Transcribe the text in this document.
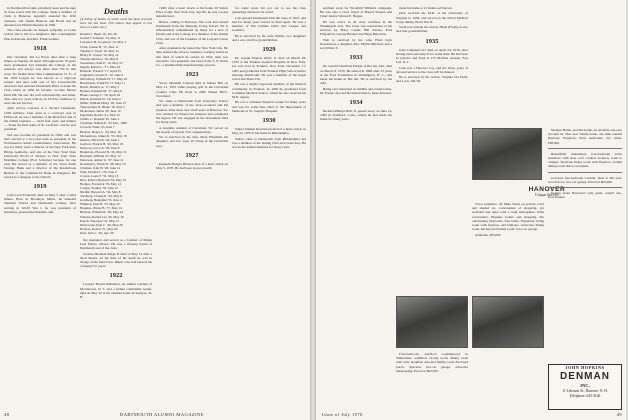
in Dartmouth became extremely keen and he kept in close touch with the College, made a number of visits to Hanover, regularly attended the 1916 reunions, and visited Hanover and Booth and he attended our Fiftieth Reunion in 1966.

The Class extends its deepest sympathy to Louie widow and to his two daughters, Mrs. Cunningham Pine in Altoona, and Mrs. Frank Leather.

1918

Our classmate Ted La Force died after a long illness on Sunday, 26 April. Throughout the 70 years since graduation Ted attended the College on the reunions and always was more than 750 in that town. No further more than Commissioner, N. Y., of the 1918 League he was known as a vigorous worker and later with one of his Loewensville educators had returned Dartmouth Plaza to make the Club which in 1936 he became. Lovette Shores Pearl Phi. He also did well scholastically, and when, after only two years with us, in 1916 he withdrew to enter the Air Service.

After service overseas as a Second Lieutenant, 1918 Artillery, Chet went to a cowboy's seat in Elmwood, he was a member of the Beresford and of the family business — retail fuel, feed, and lumber — Stoke the firm name of R. Leoff-Inc. and he was president.

Ted also became its president in 1929, and was later elected to a two-year term as president of the Northeastern Retail Lumbermen's Association. He was for many years a director of the New York State Bridge Authority, and also of the New York State University Board of Visitors to New York State Maritime College (Fort Schuyler) because for one year. He served as a member of the Town Pallis Savings Bank and a director of the Kinderhook Branch of the Commercial Bank in Kingston. He served as a delegate to the Church.

1919

John Cecil Frederick died on May 5 after a brief illness. Born in Brooklyn, Minn., he attended Shattuck School and Dartmouth College, after serving in World War I, he was president of insurance, general merchandise, and

Deaths
[A listing of deaths of which word has been received since the last issue. Full notices may appear in this issue or a later one.]
Donald L. Bush '16, Jan. 26
Gerald J. Tohenyo '14, May 11
Lawrence H. Goodnow '14, May 4
Clark, Joshua H. '15, June 11
Thomas C. Ryan '16, May 12
Henry E. Clopes '16, May 14
Thomas Merrrow '16, May 8
Sassamnon, Paul E. '16, May 23
Ingalls, Robert C. '17, May 16
Baldwin, Frank P. '17, April 25
Campbell, Charles E. '16, June 4
McGilvray, William H. '17, May 19
Hutchinson, Frank H. '17, May 11
Harris, Bradley A. '17, May 5
Hyman, Kenneth M. '17, May 6
Blake, George C. '20, April 16
Marsh, Kenneth W. '18, June 4
Miller, William Henry '20, June 15
Viskowidzki, R. Blake '18, June 5
Dickerman, Julius '20, June 10
Ingraham, Robert '21, May 22
Childs, C. Randall '22, June 2
Christian, Nathan E. '22, Dec. 1969
Crowell, Wade '23, June 7
Hudson, Henry C. '24, May 16
McAndrews, James D. '25, May 18
Dunton, Harold R. '26, June 1
Gaylord, Francis H. '26, May 18
DeGroot, Joyce A. '26, June 8
Hendricks, Howard N. '26, May 10
Bucknell, William '27, May 12
Patterson, Arthur Sr. '27, June 12
Rosenberry, Walter E. '28, May 10
Christen, John W. '28, June 14
Wolf, Donald C. '29, June 2
Cowan, Louis F. '31, May 13
Rice, Robert Maynard '32, May 19
Hodges, Frederick '33, May 14
Coburn, Stanley '33, June 12
Moffitt, Howard A. '34, May 8
Sandberg, Claude E. '34, May 8
Goldberg, Benjamin '35, June 4
Fishman, Paul H. '35, May 20
Hopkins, Walter B. '37, May 14
Hudson, William R. '38, May 24
Webster, Robert Lee '40, May 16
Rauch, Theodore '41, May 15
Dubrowski, Paul C. '49, May 26
Hodson, Robert '51, May 28
Neil, John C. '65, Apr. 29

fire insurance and served as a founder of Maple Leaf Farms, Ottawa. He was a lifelong friend of Dartmouth and of the class.

Charles Marshall Rurge II died on May 14 after a short illness. At the time of his death he was in charge of the field force. Ralph, who had been in his company for years.

1922

Leonard Harold Rhinehart, an alumni resident of Morristown, N. J., and a former community leader, died on May 22 at his summer home in Sunapee, N. H.

1948, after a heart attack at his home 20 Sutton Place South, New York City. Age 80, he was a noted manufacturer.

Before coming to Hanover, Van took and earned Dartmouth from the Berkeley Irving School. He is affectionately remembered by many for a host of friends and at the College as a member of the Outing Club, and one of the founders of the Ledyard Canoe Club.

After graduation he joined the New York Life. He then entered the tobacco business, working with it in this field of which he retired in 1952, then was executive vice-president and head of the S. E. Rains Co., a handkerchief manufacturing concern.

1923

Victor Marshall Cantoni died at Sunset Hill on May 21, 1970 while playing golf at the Cleveland Country Club. He lived at 2900 Shaker Blvd., Cleveland.

Vic came to Dartmouth from University School and was a member of the Jack-o-Lantern and Psi Upsilon. After three and a half years at Hanover, Vic was stricken by illness but returned and completed his degree. He was engaged in the investment field for many years.

A longtime resident of Cleveland, Vic served on the boards of several civic organizations.

Vic is survived by his wife, Mary Elizabeth, his daughter, and two sons, all living in the Cleveland area.

1927

Kenneth Hodges Hudson died of a heart attack on May 5, 1970. He had been in poor health

for some years but got out to see the class gatherings whenever he could.

Late entered Dartmouth with the class of 1927, and had for many years served as fund agent. He was a member of Phi Gamma Delta and Casque and Gauntlet.

He is survived by his wife, Emma, two daughters and a son, and five grandchildren.

1929

Dr. Joseph Francis Wolfe Jr. died on March 28, 1970 at the Yonkers General Hospital in New York. Joe was born in Yonkers, New York, December 17, 1905 and graduated from Yonkers High School before entering Dartmouth. He was a member of the Aegis board and Theta Chi.

He was a highly respected member of the medical community in Yonkers. In 1930 he graduated from Columbia Medical School, where he also received his M.D. degree.

He was a volunteer hospital worker for many years and was for some time chief of the Department of Medicine at St. Joseph's Hospital.

1930

Walter Samuel Rosenstock died of a heart attack on May 24, 1970 at his home in Philadelphia.

Walter came to Dartmouth from Philadelphia and was a member of the Outing Club and Green Key. He was in the leather business for many years.

48	DARTMOUTH ALUMNI MAGAZINE

spiritual work for Woodhill Willkie's campaign. He was also a close friend of Harold Stassen and Chief Justice Warren E. Burger.

He was active in all class activities in the Washington area. The Class was represented at his services by Harry Cusler, Bill Davies, Fred Fitzpatrick, George Bowker and Heyn Bertolette.

Walt is survived by his wife, Ethel Kyle Rosenstock, a daughter, Mrs. Phyllis Mitchell, and a son Walter Jr.

1933

Dr. Gerald Chadwick Packer of Bel Air, Md., died on March 8, 1970. He retired in 1968 after 33 years at the Ford Foundation in Washington, D. C., and made his home in Bel Air. He is survived by his wife.

Being very interested in wildlife and conservation, Dr. Packer devoted his leisure time to these interests.

1934

Richard Phillips Bell, Jr. passed away on June 14, 1969 in Stamford, Conn., where he had made his home for many years.

made his home at 12 Oakwood Terrace.

Dick received his M.D. at the University of Virginia in 1939, and served in the Naval Medical Corps during World War II.

Survivors include his widow, Hilda (Fresh). A son, and four grandchildren.

1935

John Campbell Orr died on April 24, 1970, after having been seriously ill for some time. He had been in practice and lived at 215 Mollitor Avenue, Fort Lee, N. J.

Cam was a Hanover boy, and his many years of devoted service to the class will be missed.

He is survived by his widow, Virginia Orr Field, and a son, Jim '64.

HANOVER
Unique Interior

Town residence, off Main Street on private, level and shaded lot, convenience of shopping, yet secluded and quiet with a rural atmosphere. Walk everywhere, Hopkins Center and shopping. Six outstanding bedrooms, four baths. Expansive living room with fireplace and built-ins. Attractive dining room, kitchen and family room. Two-car garage.

Available, $95,000

Four-bedroom, one-floor contemporary in immaculate condition. Living room, dining room with wall, breakfast area and family room. Enclosed porch. Spacious two-car garage, attractive landscaping. Priced at $62,500.

Modern Home, and this home, an enviable one-acre wooded lot. Fine new family home, one mile outside Hanover. Fireplace, three bedrooms, two baths. $58,000.

Beautifully maintained four-bedroom brick residence with slate roof. Central location, walk to campus. Spacious living room with fireplace, formal dining room. Price on request.

Gracious five-bedroom colonial. Near to hill area, wood floors, two-car garage. Priced at $65,000.

Inquire about Hanover's only quiet, central one-floor homes.

JOHN HOPKINS
DENMAN
INC.
11 Lebanon St., Hanover, N. H.
Telephone: 643-4146
Issue of July 1970	49
